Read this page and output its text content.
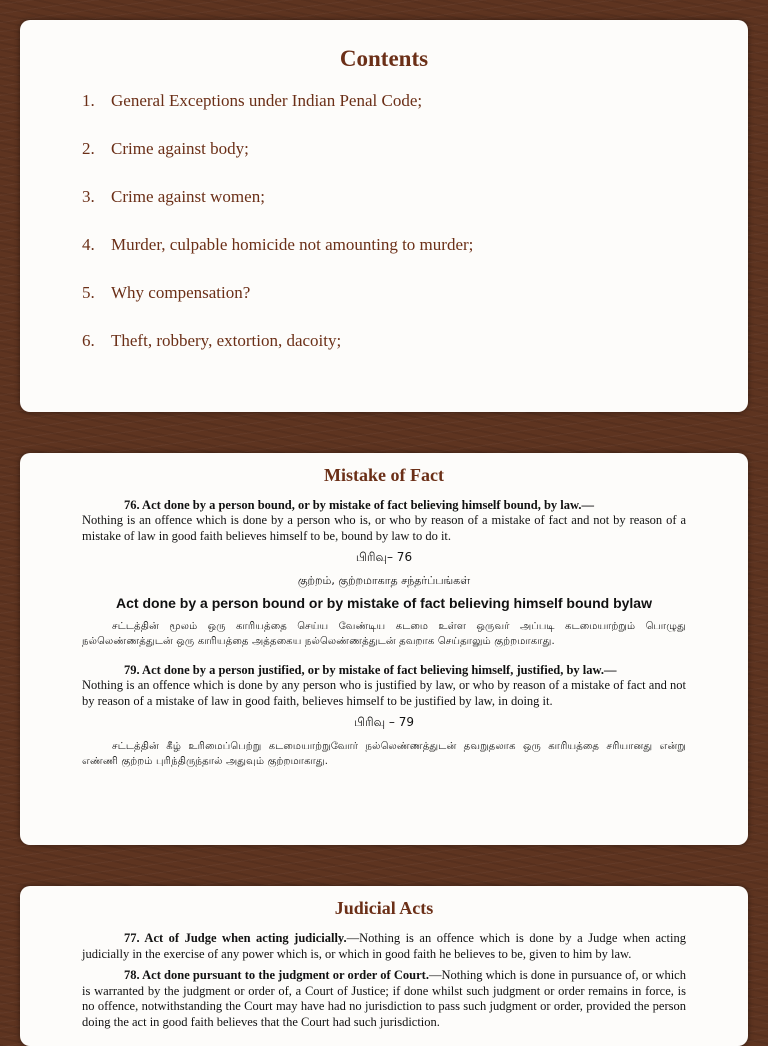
Contents
1. General Exceptions under Indian Penal Code;
2. Crime against body;
3. Crime against women;
4. Murder, culpable homicide not amounting to murder;
5. Why compensation?
6. Theft, robbery, extortion, dacoity;
Mistake of Fact
76. Act done by a person bound, or by mistake of fact believing himself bound, by law.—
Nothing is an offence which is done by a person who is, or who by reason of a mistake of fact and not by reason of a mistake of law in good faith believes himself to be, bound by law to do it.
பிரிவு– 76
குற்றம், குற்றமாகாத சந்தர்ப்பங்கள்
Act done by a person bound or by mistake of fact believing himself bound bylaw
சட்டத்தின் மூலம் ஒரு காரியத்தை செய்ய வேண்டிய கடமை உள்ள ஒருவர் அப்படி கடமையாற்றும் பொழுது நல்லெண்ணத்துடன் ஒரு காரியத்தை அத்தகைய நல்லெண்ணத்துடன் தவறாக செய்தாலும் குற்றமாகாது.
79. Act done by a person justified, or by mistake of fact believing himself, justified, by law.—
Nothing is an offence which is done by any person who is justified by law, or who by reason of a mistake of fact and not by reason of a mistake of law in good faith, believes himself to be justified by law, in doing it.
பிரிவு – 79
சட்டத்தின் கீழ் உரிமைப்பெற்று கடமையாற்றுவோர் நல்லெண்ணத்துடன் தவறுதலாக ஒரு காரியத்தை சரியானது என்று எண்ணி குற்றம் புரிந்திருந்தால் அதுவும் குற்றமாகாது.
Judicial Acts
77. Act of Judge when acting judicially.—Nothing is an offence which is done by a Judge when acting judicially in the exercise of any power which is, or which in good faith he believes to be, given to him by law.
78. Act done pursuant to the judgment or order of Court.—Nothing which is done in pursuance of, or which is warranted by the judgment or order of, a Court of Justice; if done whilst such judgment or order remains in force, is no offence, notwithstanding the Court may have had no jurisdiction to pass such judgment or order, provided the person doing the act in good faith believes that the Court had such jurisdiction.
